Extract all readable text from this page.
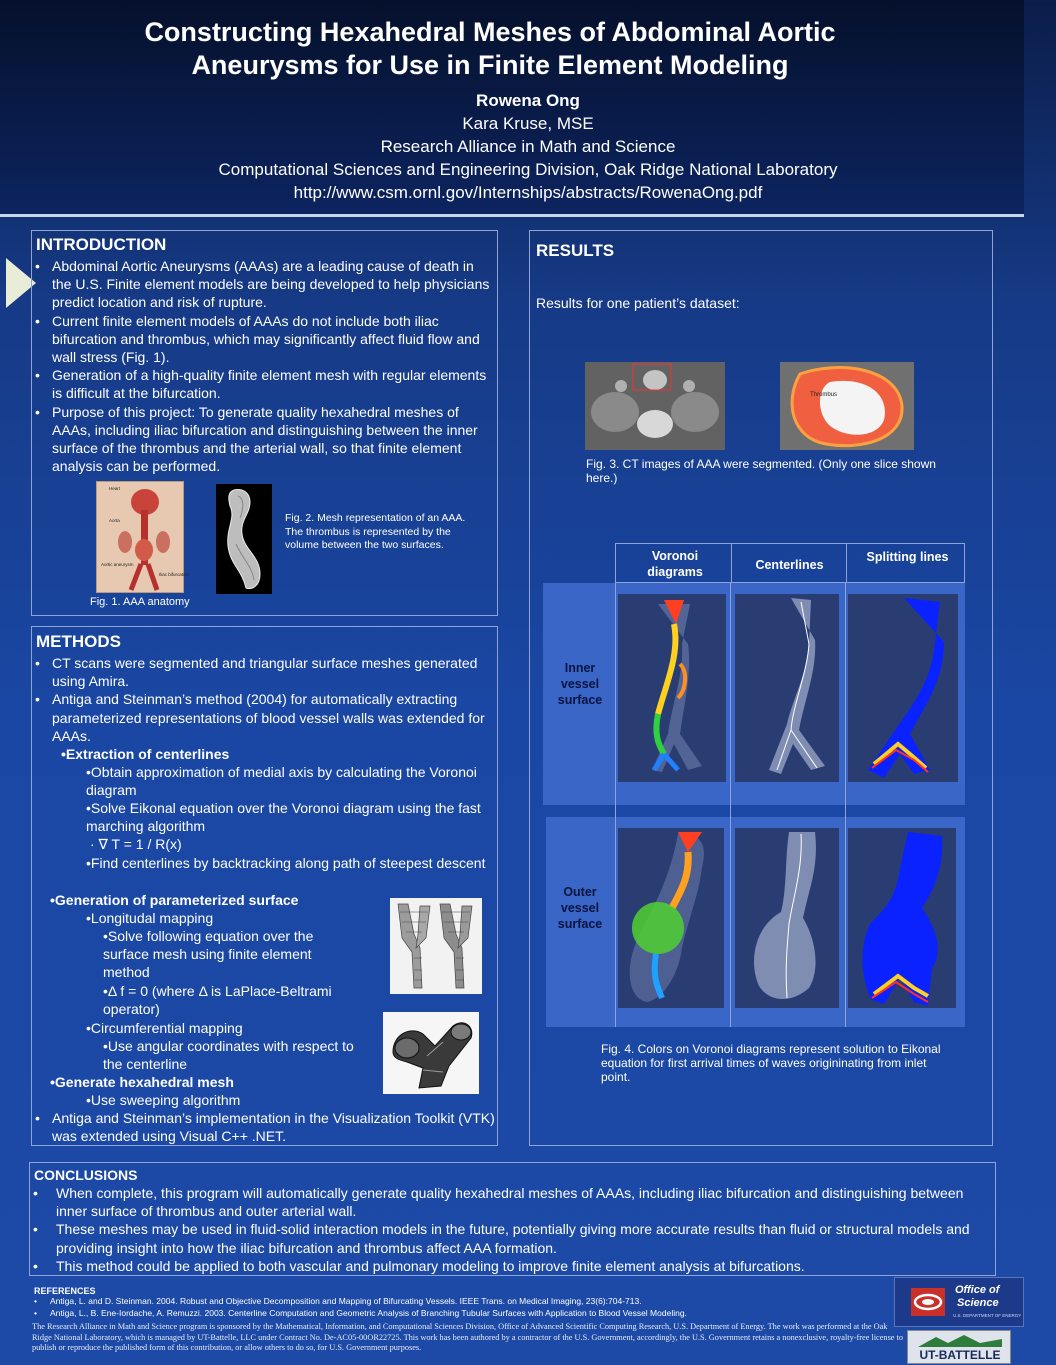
Constructing Hexahedral Meshes of Abdominal Aortic
Aneurysms for Use in Finite Element Modeling
Rowena Ong
Kara Kruse, MSE
Research Alliance in Math and Science
Computational Sciences and Engineering Division, Oak Ridge National Laboratory
http://www.csm.ornl.gov/Internships/abstracts/RowenaOng.pdf
INTRODUCTION
• Abdominal Aortic Aneurysms (AAAs) are a leading cause of death in the U.S. Finite element models are being developed to help physicians predict location and risk of rupture.
• Current finite element models of AAAs do not include both iliac bifurcation and thrombus, which may significantly affect fluid flow and wall stress (Fig. 1).
• Generation of a high-quality finite element mesh with regular elements is difficult at the bifurcation.
• Purpose of this project: To generate quality hexahedral meshes of AAAs, including iliac bifurcation and distinguishing between the inner surface of the thrombus and the arterial wall, so that finite element analysis can be performed.
Heart
Aorta
Iliac bifurcation
Aortic aneurysm
Fig. 1. AAA anatomy
Fig. 2. Mesh representation of an AAA. The thrombus is represented by the volume between the two surfaces.
METHODS
• CT scans were segmented and triangular surface meshes generated using Amira.
• Antiga and Steinman’s method (2004) for automatically extracting parameterized representations of blood vessel walls was extended for AAAs.
•Extraction of centerlines
•Obtain approximation of medial axis by calculating the Voronoi diagram
•Solve Eikonal equation over the Voronoi diagram using the fast marching algorithm
· ∇ T = 1 / R(x)
•Find centerlines by backtracking along path of steepest descent
•Generation of parameterized surface
•Longitudal mapping
•Solve following equation over the surface mesh using finite element method
•Δ f = 0 (where Δ is LaPlace-Beltrami operator)
•Circumferential mapping
•Use angular coordinates with respect to the centerline
•Generate hexahedral mesh
•Use sweeping algorithm
• Antiga and Steinman’s implementation in the Visualization Toolkit (VTK) was extended using Visual C++ .NET.
RESULTS
Results for one patient’s dataset:
Thrombus
Fig. 3. CT images of AAA were segmented. (Only one slice shown here.)
Voronoi diagrams	Centerlines
Splitting lines
Inner vessel surface
Outer vessel surface
Fig. 4. Colors on Voronoi diagrams represent solution to Eikonal equation for first arrival times of waves origininating from inlet point.
CONCLUSIONS
• When complete, this program will automatically generate quality hexahedral meshes of AAAs, including iliac bifurcation and distinguishing between inner surface of thrombus and outer arterial wall.
• These meshes may be used in fluid-solid interaction models in the future, potentially giving more accurate results than fluid or structural models and providing insight into how the iliac bifurcation and thrombus affect AAA formation.
• This method could be applied to both vascular and pulmonary modeling to improve finite element analysis at bifurcations.
REFERENCES
• Antiga, L. and D. Steinman. 2004. Robust and Objective Decomposition and Mapping of Bifurcating Vessels. IEEE Trans. on Medical Imaging, 23(6):704-713.
• Antiga, L., B. Ene-Iordache, A. Remuzzi. 2003. Centerline Computation and Geometric Analysis of Branching Tubular Surfaces with Application to Blood Vessel Modeling.
The Research Alliance in Math and Science program is sponsored by the Mathematical, Information, and Computational Sciences Division, Office of Advanced Scientific Computing Research, U.S. Department of Energy. The work was performed at the Oak Ridge National Laboratory, which is managed by UT-Battelle, LLC under Contract No. De-AC05-00OR22725. This work has been authored by a contractor of the U.S. Government, accordingly, the U.S. Government retains a nonexclusive, royalty-free license to publish or reproduce the published form of this contribution, or allow others to do so, for U.S. Government purposes.
Office of
Science
U.S. DEPARTMENT OF ENERGY
UT-BATTELLE
